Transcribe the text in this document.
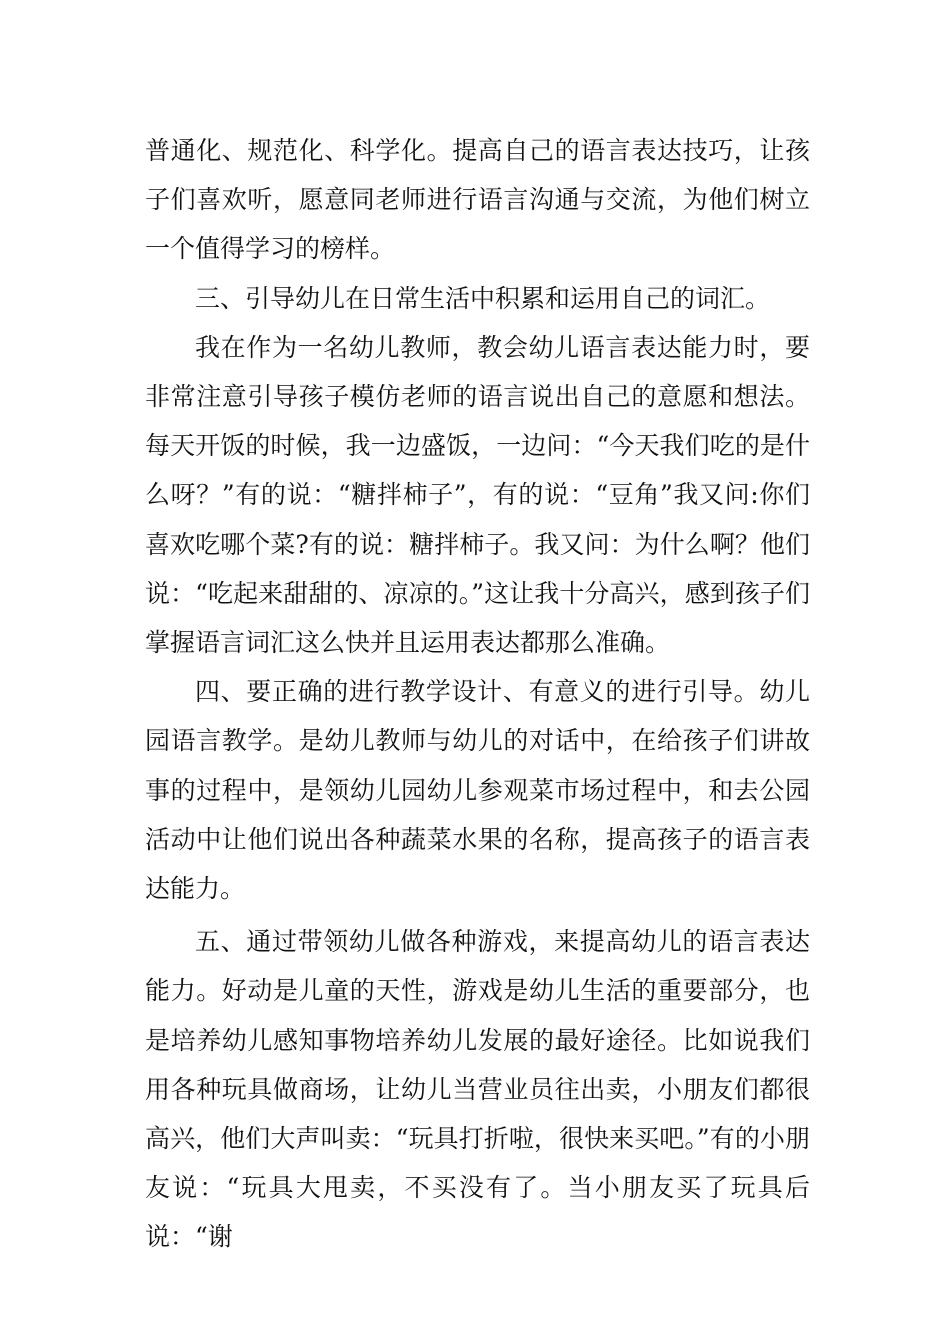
普通化、规范化、科学化。提高自己的语言表达技巧，让孩子们喜欢听，愿意同老师进行语言沟通与交流，为他们树立一个值得学习的榜样。

三、引导幼儿在日常生活中积累和运用自己的词汇。

我在作为一名幼儿教师，教会幼儿语言表达能力时，要非常注意引导孩子模仿老师的语言说出自己的意愿和想法。每天开饭的时候，我一边盛饭，一边问：“今天我们吃的是什么呀？”有的说：“糖拌柿子”，有的说：“豆角”我又问:你们喜欢吃哪个菜?有的说：糖拌柿子。我又问：为什么啊？他们说：“吃起来甜甜的、凉凉的。”这让我十分高兴，感到孩子们掌握语言词汇这么快并且运用表达都那么准确。

四、要正确的进行教学设计、有意义的进行引导。幼儿园语言教学。是幼儿教师与幼儿的对话中，在给孩子们讲故事的过程中，是领幼儿园幼儿参观菜市场过程中，和去公园活动中让他们说出各种蔬菜水果的名称，提高孩子的语言表达能力。

五、通过带领幼儿做各种游戏，来提高幼儿的语言表达能力。好动是儿童的天性，游戏是幼儿生活的重要部分，也是培养幼儿感知事物培养幼儿发展的最好途径。比如说我们用各种玩具做商场，让幼儿当营业员往出卖，小朋友们都很高兴，他们大声叫卖：“玩具打折啦，很快来买吧。”有的小朋友说：“玩具大甩卖，不买没有了。当小朋友买了玩具后说：“谢
